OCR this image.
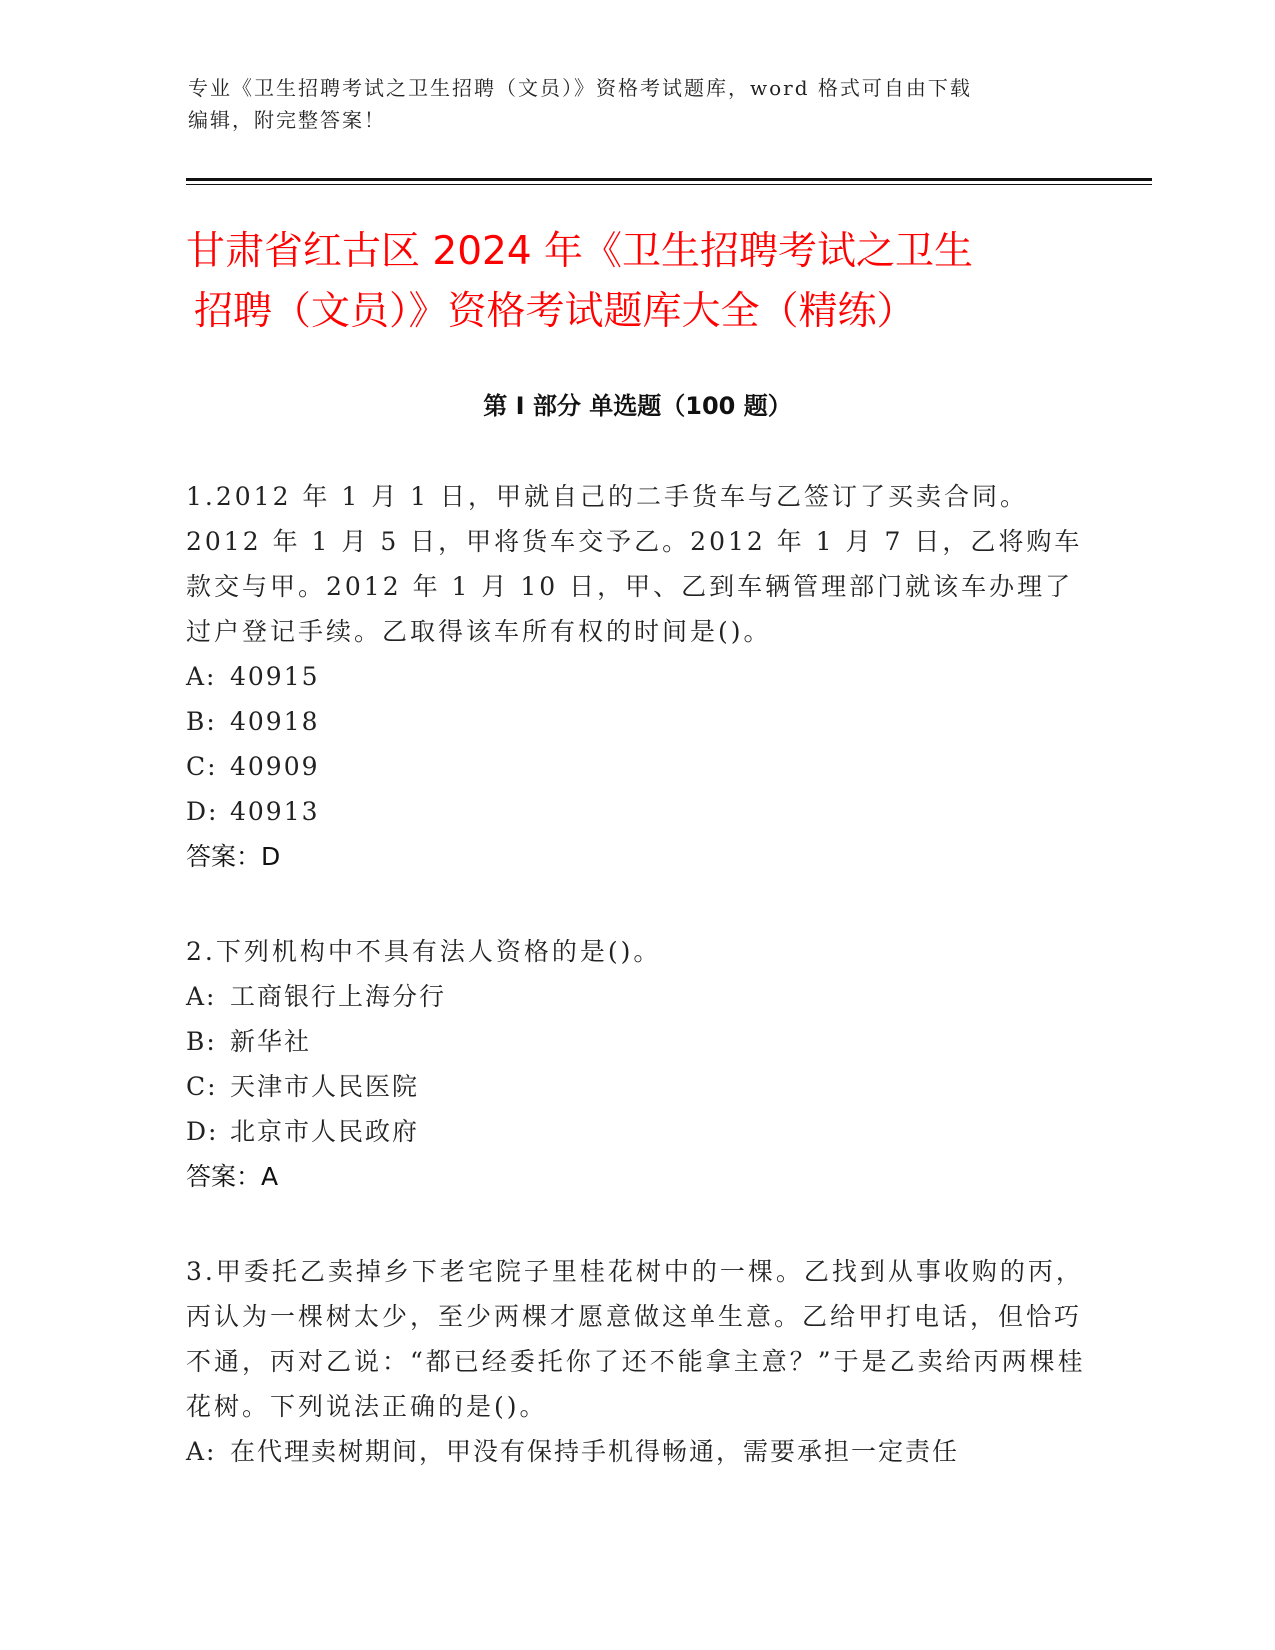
专业《卫生招聘考试之卫生招聘（文员）》资格考试题库，word 格式可自由下载
编辑，附完整答案！
甘肃省红古区 2024 年《卫生招聘考试之卫生
招聘（文员）》资格考试题库大全（精练）
第 I 部分 单选题（100 题）

1.2012 年 1 月 1 日，甲就自己的二手货车与乙签订了买卖合同。2012 年 1 月 5 日，甲将货车交予乙。2012 年 1 月 7 日，乙将购车款交与甲。2012 年 1 月 10 日，甲、乙到车辆管理部门就该车办理了过户登记手续。乙取得该车所有权的时间是()。

A: 40915

B: 40918

C: 40909

D: 40913

答案：D

2.下列机构中不具有法人资格的是()。

A: 工商银行上海分行

B: 新华社

C: 天津市人民医院

D: 北京市人民政府

答案：A

3.甲委托乙卖掉乡下老宅院子里桂花树中的一棵。乙找到从事收购的丙，丙认为一棵树太少，至少两棵才愿意做这单生意。乙给甲打电话，但恰巧不通，丙对乙说：“都已经委托你了还不能拿主意？”于是乙卖给丙两棵桂花树。下列说法正确的是()。

A: 在代理卖树期间，甲没有保持手机得畅通，需要承担一定责任
